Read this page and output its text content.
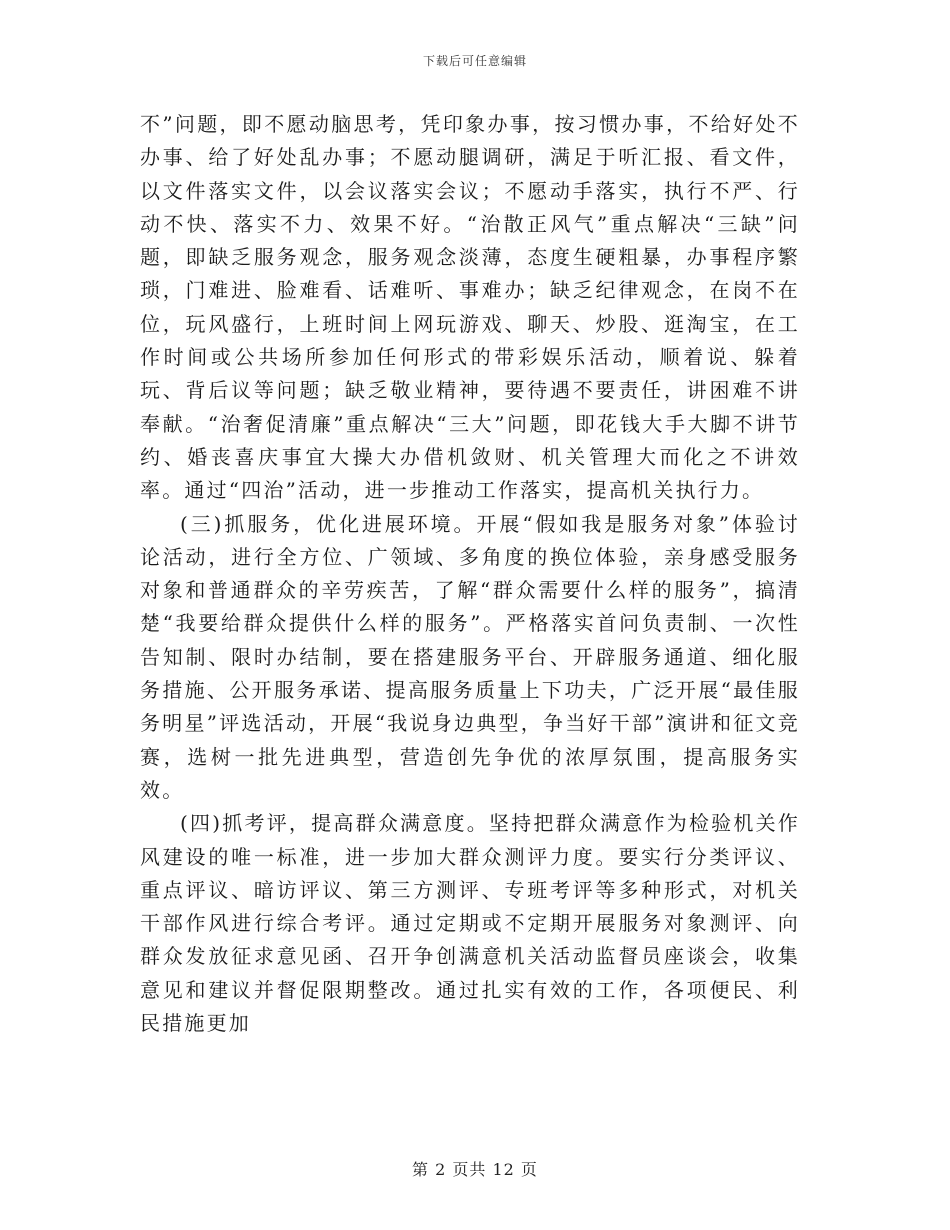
下载后可任意编辑

不”问题，即不愿动脑思考，凭印象办事，按习惯办事，不给好处不办事、给了好处乱办事；不愿动腿调研，满足于听汇报、看文件，以文件落实文件，以会议落实会议；不愿动手落实，执行不严、行动不快、落实不力、效果不好。“治散正风气”重点解决“三缺”问题，即缺乏服务观念，服务观念淡薄，态度生硬粗暴，办事程序繁琐，门难进、脸难看、话难听、事难办；缺乏纪律观念，在岗不在位，玩风盛行，上班时间上网玩游戏、聊天、炒股、逛淘宝，在工作时间或公共场所参加任何形式的带彩娱乐活动，顺着说、躲着玩、背后议等问题；缺乏敬业精神，要待遇不要责任，讲困难不讲奉献。“治奢促清廉”重点解决“三大”问题，即花钱大手大脚不讲节约、婚丧喜庆事宜大操大办借机敛财、机关管理大而化之不讲效率。通过“四治”活动，进一步推动工作落实，提高机关执行力。

(三)抓服务，优化进展环境。开展“假如我是服务对象”体验讨论活动，进行全方位、广领域、多角度的换位体验，亲身感受服务对象和普通群众的辛劳疾苦，了解“群众需要什么样的服务”，搞清楚“我要给群众提供什么样的服务”。严格落实首问负责制、一次性告知制、限时办结制，要在搭建服务平台、开辟服务通道、细化服务措施、公开服务承诺、提高服务质量上下功夫，广泛开展“最佳服务明星”评选活动，开展“我说身边典型，争当好干部”演讲和征文竞赛，选树一批先进典型，营造创先争优的浓厚氛围，提高服务实效。

(四)抓考评，提高群众满意度。坚持把群众满意作为检验机关作风建设的唯一标准，进一步加大群众测评力度。要实行分类评议、重点评议、暗访评议、第三方测评、专班考评等多种形式，对机关干部作风进行综合考评。通过定期或不定期开展服务对象测评、向群众发放征求意见函、召开争创满意机关活动监督员座谈会，收集意见和建议并督促限期整改。通过扎实有效的工作，各项便民、利民措施更加

第 2 页共 12 页
